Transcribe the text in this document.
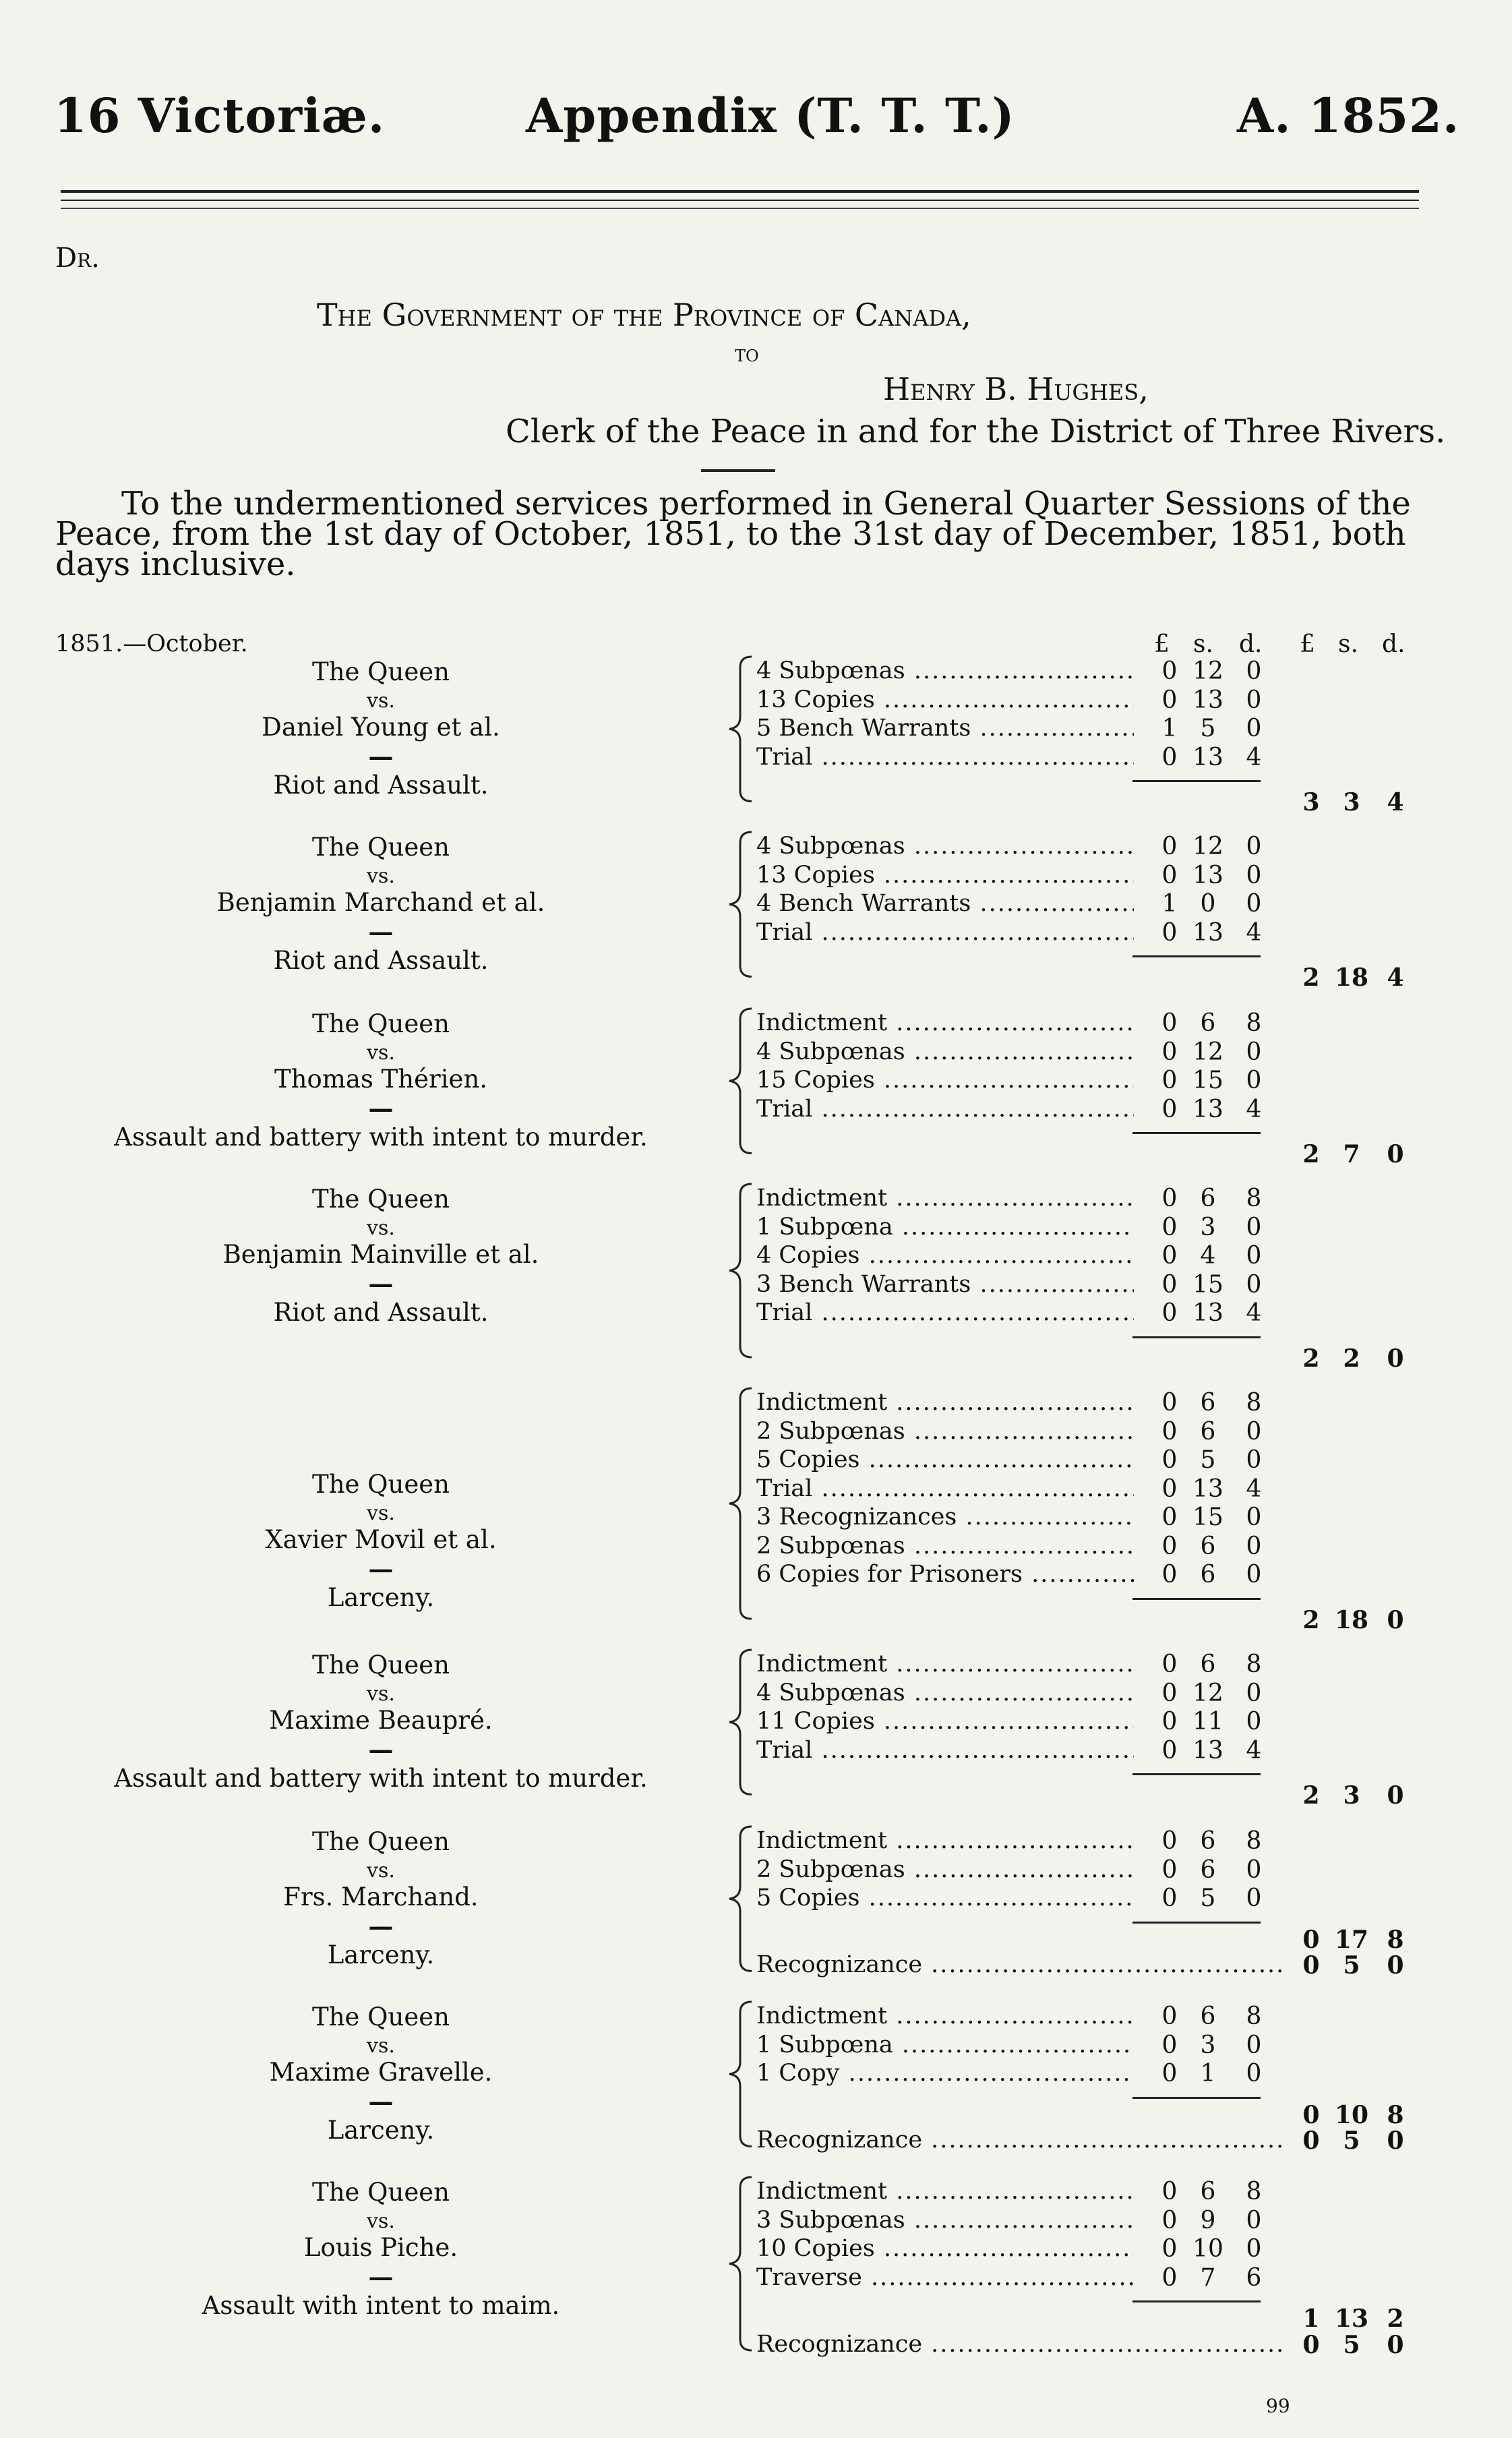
16 Victoriæ.	Appendix (T. T. T.)	A. 1852.
Dr.
The Government of the Province of Canada,
to
Henry B. Hughes,
Clerk of the Peace in and for the District of Three Rivers.
To the undermentioned services performed in General Quarter Sessions of the Peace, from the 1st day of October, 1851, to the 31st day of December, 1851, both days inclusive.
1851.—October.	£ s. d. £ s. d.
The Queen
vs.
Daniel Young et al.
—
Riot and Assault.
4 Subpœnas .....	0 12 0
13 Copies .....	0 13 0
5 Bench Warrants .....	1 5	0
Trial .....	0 13 4
3 3	4
The Queen
vs.
Benjamin Marchand et al.
—
Riot and Assault.
4 Subpœnas .....	0 12 0
13 Copies .....	0 13 0
4 Bench Warrants .....	1 0	0
Trial .....	0 13 4
2 18 4
The Queen
vs.
Thomas Thérien.
—
Assault and battery with intent to murder.
Indictment .....	0 6	8
4 Subpœnas .....	0 12 0
15 Copies .....	0 15 0
Trial .....	0 13 4
2 7	0
The Queen
vs.
Benjamin Mainville et al.
—
Riot and Assault.
Indictment .....	0 6	8
1 Subpœna .....	0 3	0
4 Copies .....	0 4	0
3 Bench Warrants .....	0 15 0
Trial .....	0 13 4
2 2	0
The Queen
vs.
Xavier Movil et al.
—
Larceny.
Indictment .....	0 6	8
2 Subpœnas .....	0 6	0
5 Copies .....	0 5	0
Trial .....	0 13 4
3 Recognizances .....	0 15 0
2 Subpœnas .....	0 6	0
6 Copies for Prisoners .....	0 6	0
2 18 0
The Queen
vs.
Maxime Beaupré.
—
Assault and battery with intent to murder.
Indictment .....	0 6	8
4 Subpœnas .....	0 12 0
11 Copies .....	0 11 0
Trial .....	0 13 4
2 3	0
The Queen
vs.
Frs. Marchand.
—
Larceny.
Indictment .....	0 6	8
2 Subpœnas .....	0 6	0
5 Copies .....	0 5	0
0 17 8
Recognizance .....	0 5	0
The Queen
vs.
Maxime Gravelle.
—
Larceny.
Indictment .....	0 6	8
1 Subpœna .....	0 3	0
1 Copy .....	0 1	0
0 10 8
Recognizance .....	0 5	0
The Queen
vs.
Louis Piche.
—
Assault with intent to maim.
Indictment .....	0 6	8
3 Subpœnas .....	0 9	0
10 Copies .....	0 10 0
Traverse .....	0 7	6
1 13 2
Recognizance .....	0 5	0
99
